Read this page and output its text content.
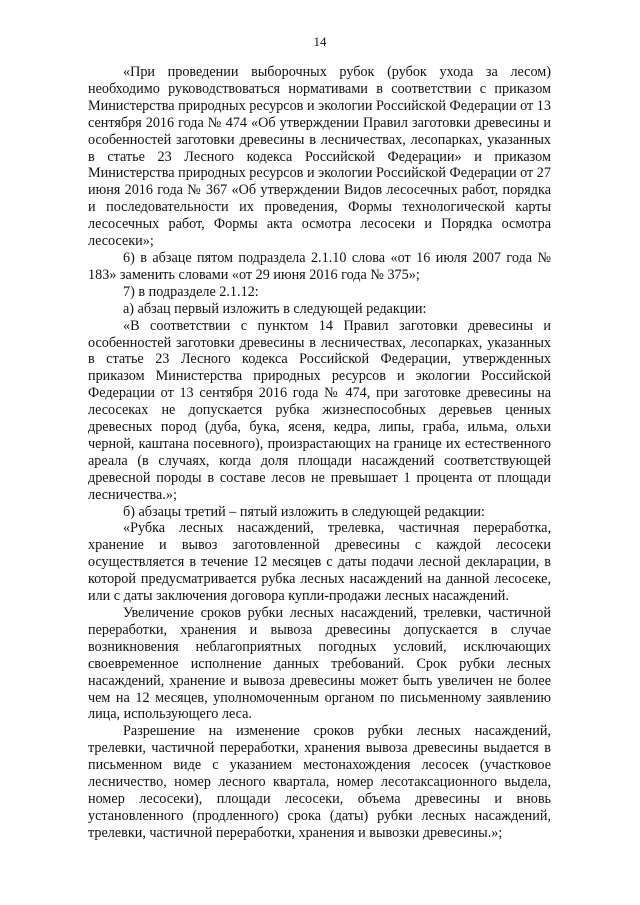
14

«При проведении выборочных рубок (рубок ухода за лесом) необходимо руководствоваться нормативами в соответствии с приказом Министерства природных ресурсов и экологии Российской Федерации от 13 сентября 2016 года № 474 «Об утверждении Правил заготовки древесины и особенностей заготовки древесины в лесничествах, лесопарках, указанных в статье 23 Лесного кодекса Российской Федерации» и приказом Министерства природных ресурсов и экологии Российской Федерации от 27 июня 2016 года № 367 «Об утверждении Видов лесосечных работ, порядка и последовательности их проведения, Формы технологической карты лесосечных работ, Формы акта осмотра лесосеки и Порядка осмотра лесосеки»;

6) в абзаце пятом подраздела 2.1.10 слова «от 16 июля 2007 года № 183» заменить словами «от 29 июня 2016 года № 375»;

7) в подразделе 2.1.12:

а) абзац первый изложить в следующей редакции:

«В соответствии с пунктом 14 Правил заготовки древесины и особенностей заготовки древесины в лесничествах, лесопарках, указанных в статье 23 Лесного кодекса Российской Федерации, утвержденных приказом Министерства природных ресурсов и экологии Российской Федерации от 13 сентября 2016 года № 474, при заготовке древесины на лесосеках не допускается рубка жизнеспособных деревьев ценных древесных пород (дуба, бука, ясеня, кедра, липы, граба, ильма, ольхи черной, каштана посевного), произрастающих на границе их естественного ареала (в случаях, когда доля площади насаждений соответствующей древесной породы в составе лесов не превышает 1 процента от площади лесничества.»;

б) абзацы третий – пятый изложить в следующей редакции:

«Рубка лесных насаждений, трелевка, частичная переработка, хранение и вывоз заготовленной древесины с каждой лесосеки осуществляется в течение 12 месяцев с даты подачи лесной декларации, в которой предусматривается рубка лесных насаждений на данной лесосеке, или с даты заключения договора купли-продажи лесных насаждений.

Увеличение сроков рубки лесных насаждений, трелевки, частичной переработки, хранения и вывоза древесины допускается в случае возникновения неблагоприятных погодных условий, исключающих своевременное исполнение данных требований. Срок рубки лесных насаждений, хранение и вывоза древесины может быть увеличен не более чем на 12 месяцев, уполномоченным органом по письменному заявлению лица, использующего леса.

Разрешение на изменение сроков рубки лесных насаждений, трелевки, частичной переработки, хранения вывоза древесины выдается в письменном виде с указанием местонахождения лесосек (участковое лесничество, номер лесного квартала, номер лесотаксационного выдела, номер лесосеки), площади лесосеки, объема древесины и вновь установленного (продленного) срока (даты) рубки лесных насаждений, трелевки, частичной переработки, хранения и вывозки древесины.»;
